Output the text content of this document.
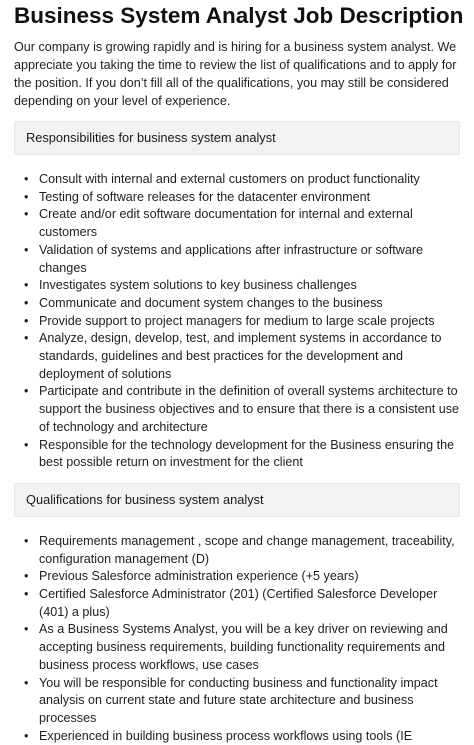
Business System Analyst Job Description

Our company is growing rapidly and is hiring for a business system analyst. We appreciate you taking the time to review the list of qualifications and to apply for the position. If you don’t fill all of the qualifications, you may still be considered depending on your level of experience.

Responsibilities for business system analyst
• Consult with internal and external customers on product functionality
• Testing of software releases for the datacenter environment
• Create and/or edit software documentation for internal and external customers
• Validation of systems and applications after infrastructure or software changes
• Investigates system solutions to key business challenges
• Communicate and document system changes to the business
• Provide support to project managers for medium to large scale projects
• Analyze, design, develop, test, and implement systems in accordance to standards, guidelines and best practices for the development and deployment of solutions
• Participate and contribute in the definition of overall systems architecture to support the business objectives and to ensure that there is a consistent use of technology and architecture
• Responsible for the technology development for the Business ensuring the best possible return on investment for the client
Qualifications for business system analyst
• Requirements management , scope and change management, traceability, configuration management (D)
• Previous Salesforce administration experience (+5 years)
• Certified Salesforce Administrator (201) (Certified Salesforce Developer (401) a plus)
• As a Business Systems Analyst, you will be a key driver on reviewing and accepting business requirements, building functionality requirements and business process workflows, use cases
• You will be responsible for conducting business and functionality impact analysis on current state and future state architecture and business processes
• Experienced in building business process workflows using tools (IE
